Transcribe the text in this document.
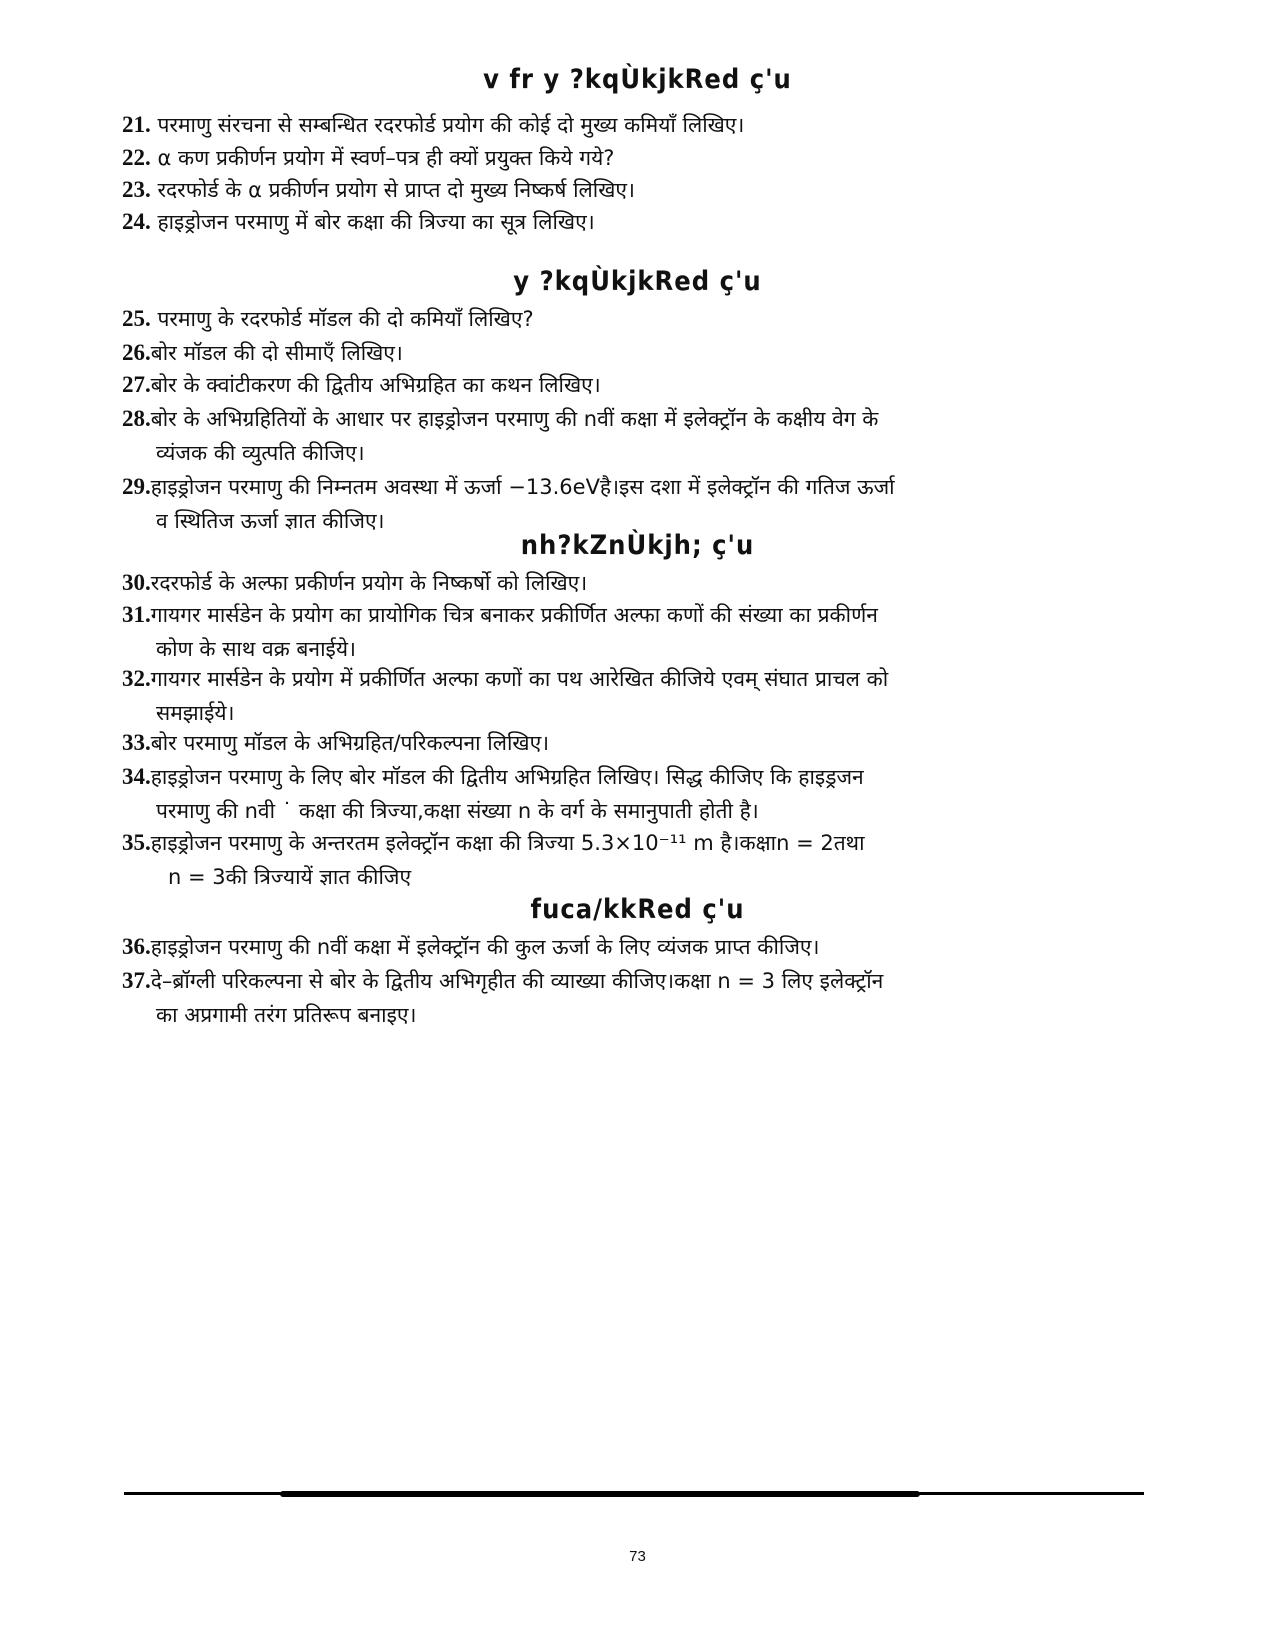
v fr y ?kqÙkjkRed ç'u
21. परमाणु संरचना से सम्बन्धित रदरफोर्ड प्रयोग की कोई दो मुख्य कमियाँ लिखिए।
22. α कण प्रकीर्णन प्रयोग में स्वर्ण–पत्र ही क्यों प्रयुक्त किये गये?
23. रदरफोर्ड के α प्रकीर्णन प्रयोग से प्राप्त दो मुख्य निष्कर्ष लिखिए।
24. हाइड्रोजन परमाणु में बोर कक्षा की त्रिज्या का सूत्र लिखिए।
y ?kqÙkjkRed ç'u
25. परमाणु के रदरफोर्ड मॉडल की दो कमियाँ लिखिए?
26.बोर मॉडल की दो सीमाएँ लिखिए।
27.बोर के क्वांटीकरण की द्वितीय अभिग्रहित का कथन लिखिए।
28.बोर के अभिग्रहितियों के आधार पर हाइड्रोजन परमाणु की nवीं कक्षा में इलेक्ट्रॉन के कक्षीय वेग के
व्यंजक की व्युत्पति कीजिए।
29.हाइड्रोजन परमाणु की निम्नतम अवस्था में ऊर्जा −13.6eVहै।इस दशा में इलेक्ट्रॉन की गतिज ऊर्जा
व स्थितिज ऊर्जा ज्ञात कीजिए।
nh?kZnÙkjh; ç'u
30.रदरफोर्ड के अल्फा प्रकीर्णन प्रयोग के निष्कर्षो को लिखिए।
31.गायगर मार्सडेन के प्रयोग का प्रायोगिक चित्र बनाकर प्रकीर्णित अल्फा कणों की संख्या का प्रकीर्णन
कोण के साथ वक्र बनाईये।
32.गायगर मार्सडेन के प्रयोग में प्रकीर्णित अल्फा कणों का पथ आरेखित कीजिये एवम् संघात प्राचल को
समझाईये।
33.बोर परमाणु मॉडल के अभिग्रहित/परिकल्पना लिखिए।
34.हाइड्रोजन परमाणु के लिए बोर मॉडल की द्वितीय अभिग्रहित लिखिए। सिद्ध कीजिए कि हाइड्रजन
परमाणु की nवी ˙ कक्षा की त्रिज्या,कक्षा संख्या n के वर्ग के समानुपाती होती है।
35.हाइड्रोजन परमाणु के अन्तरतम इलेक्ट्रॉन कक्षा की त्रिज्या 5.3×10⁻¹¹ m है।कक्षाn = 2तथा
n = 3की त्रिज्यायें ज्ञात कीजिए
fuca/kkRed ç'u
36.हाइड्रोजन परमाणु की nवीं कक्षा में इलेक्ट्रॉन की कुल ऊर्जा के लिए व्यंजक प्राप्त कीजिए।
37.दे–ब्रॉग्ली परिकल्पना से बोर के द्वितीय अभिगृहीत की व्याख्या कीजिए।कक्षा n = 3 लिए इलेक्ट्रॉन
का अप्रगामी तरंग प्रतिरूप बनाइए।
73
